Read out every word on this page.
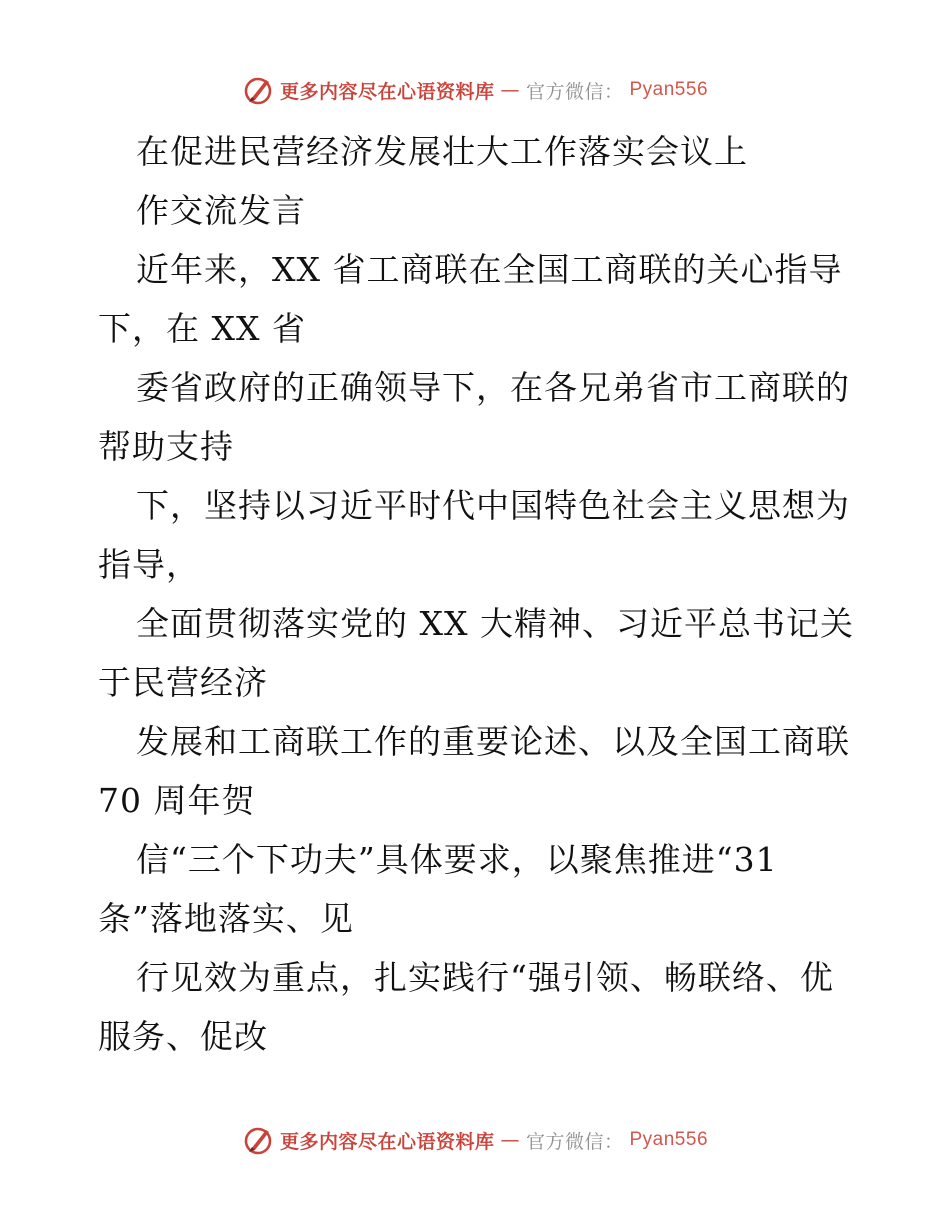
更多内容尽在心语资料库 — 官方微信： Pyan556
在促进民营经济发展壮大工作落实会议上
作交流发言
近年来，XX 省工商联在全国工商联的关心指导
下，在 XX 省
委省政府的正确领导下，在各兄弟省市工商联的
帮助支持
下，坚持以习近平时代中国特色社会主义思想为
指导，
全面贯彻落实党的 XX 大精神、习近平总书记关
于民营经济
发展和工商联工作的重要论述、以及全国工商联
70 周年贺
信“三个下功夫”具体要求，以聚焦推进“31
条”落地落实、见
行见效为重点，扎实践行“强引领、畅联络、优
服务、促改
更多内容尽在心语资料库 — 官方微信： Pyan556
